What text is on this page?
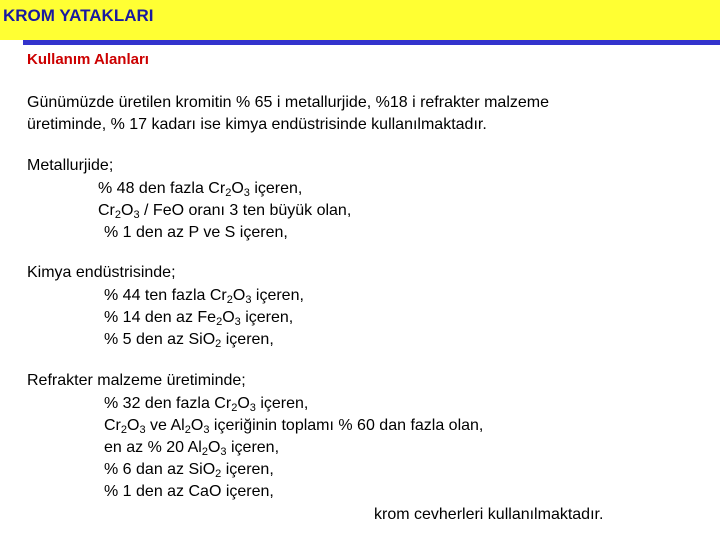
KROM YATAKLARI
Kullanım Alanları
Günümüzde üretilen kromitin % 65 i metallurjide, %18 i refrakter malzeme
üretiminde, % 17 kadarı ise kimya endüstrisinde kullanılmaktadır.
Metallurjide;
% 48 den fazla $Cr_2O_3$ içeren,
$Cr_2O_3$ / FeO oranı 3 ten büyük olan,
% 1 den az P ve S içeren,
Kimya endüstrisinde;
% 44 ten fazla $Cr_2O_3$ içeren,
% 14 den az $Fe_2O_3$ içeren,
% 5 den az SiO$_2$ içeren,
Refrakter malzeme üretiminde;
% 32 den fazla $Cr_2O_3$ içeren,
$Cr_2O_3$ ve $Al_2O_3$ içeriğinin toplamı % 60 dan fazla olan,
en az % 20 $Al_2O_3$ içeren,
% 6 dan az SiO$_2$ içeren,
% 1 den az CaO içeren,
krom cevherleri kullanılmaktadır.
